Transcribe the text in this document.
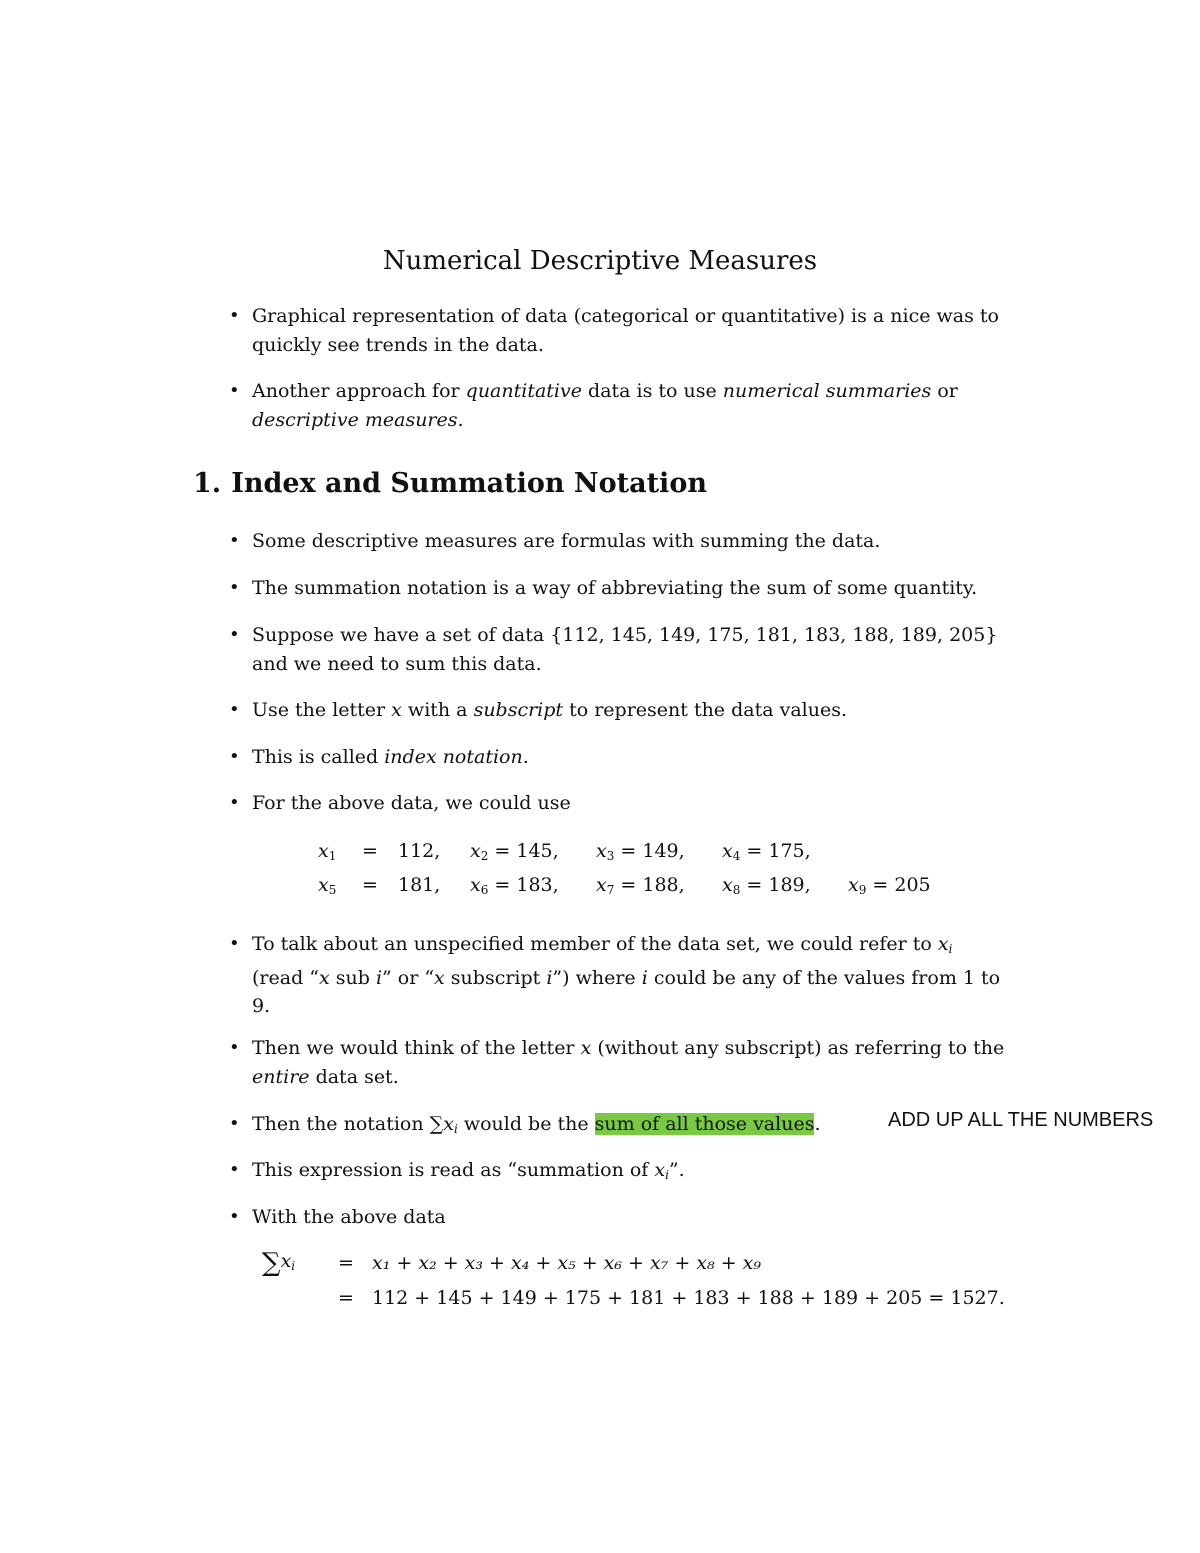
Numerical Descriptive Measures
• Graphical representation of data (categorical or quantitative) is a nice was to quickly see trends in the data.
• Another approach for quantitative data is to use numerical summaries or descriptive measures.
1. Index and Summation Notation
• Some descriptive measures are formulas with summing the data.
• The summation notation is a way of abbreviating the sum of some quantity.
• Suppose we have a set of data {112, 145, 149, 175, 181, 183, 188, 189, 205} and we need to sum this data.
• Use the letter x with a subscript to represent the data values.
• This is called index notation.
• For the above data, we could use
$x_1 = 112$, $x_2 = 145$, $x_3 = 149$, $x_4 = 175$,
$x_5 = 181$, $x_6 = 183$, $x_7 = 188$, $x_8 = 189$, $x_9 = 205$
• To talk about an unspecified member of the data set, we could refer to $x_i$ (read “x sub i” or “x subscript i”) where i could be any of the values from 1 to 9.
• Then we would think of the letter x (without any subscript) as referring to the entire data set.
• Then the notation $\sum x_i$ would be the sum of all those values.	ADD UP ALL THE NUMBERS
• This expression is read as “summation of $x_i$”.
• With the above data
$\sum x_i = x_1 + x_2 + x_3 + x_4 + x_5 + x_6 + x_7 + x_8 + x_9$
= 112 + 145 + 149 + 175 + 181 + 183 + 188 + 189 + 205 = 1527.
